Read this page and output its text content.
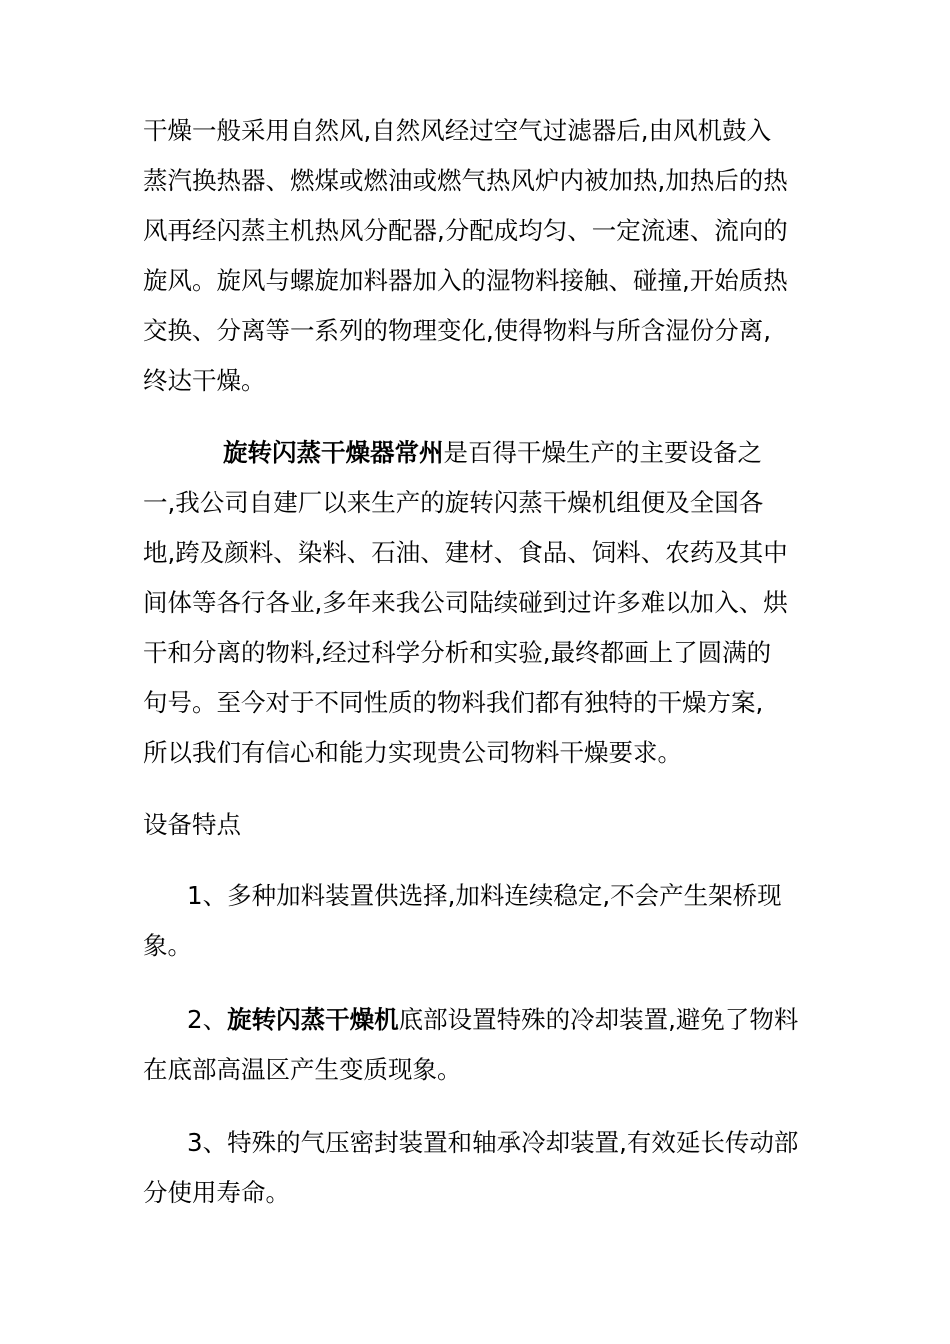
干燥一般采用自然风,自然风经过空气过滤器后,由风机鼓入
蒸汽换热器、燃煤或燃油或燃气热风炉内被加热,加热后的热
风再经闪蒸主机热风分配器,分配成均匀、一定流速、流向的
旋风。旋风与螺旋加料器加入的湿物料接触、碰撞,开始质热
交换、分离等一系列的物理变化,使得物料与所含湿份分离,
终达干燥。
旋转闪蒸干燥器常州是百得干燥生产的主要设备之
一,我公司自建厂以来生产的旋转闪蒸干燥机组便及全国各
地,跨及颜料、染料、石油、建材、食品、饲料、农药及其中
间体等各行各业,多年来我公司陆续碰到过许多难以加入、烘
干和分离的物料,经过科学分析和实验,最终都画上了圆满的
句号。至今对于不同性质的物料我们都有独特的干燥方案,
所以我们有信心和能力实现贵公司物料干燥要求。
设备特点
1、多种加料装置供选择,加料连续稳定,不会产生架桥现
象。
2、旋转闪蒸干燥机底部设置特殊的冷却装置,避免了物料
在底部高温区产生变质现象。
3、特殊的气压密封装置和轴承冷却装置,有效延长传动部
分使用寿命。
